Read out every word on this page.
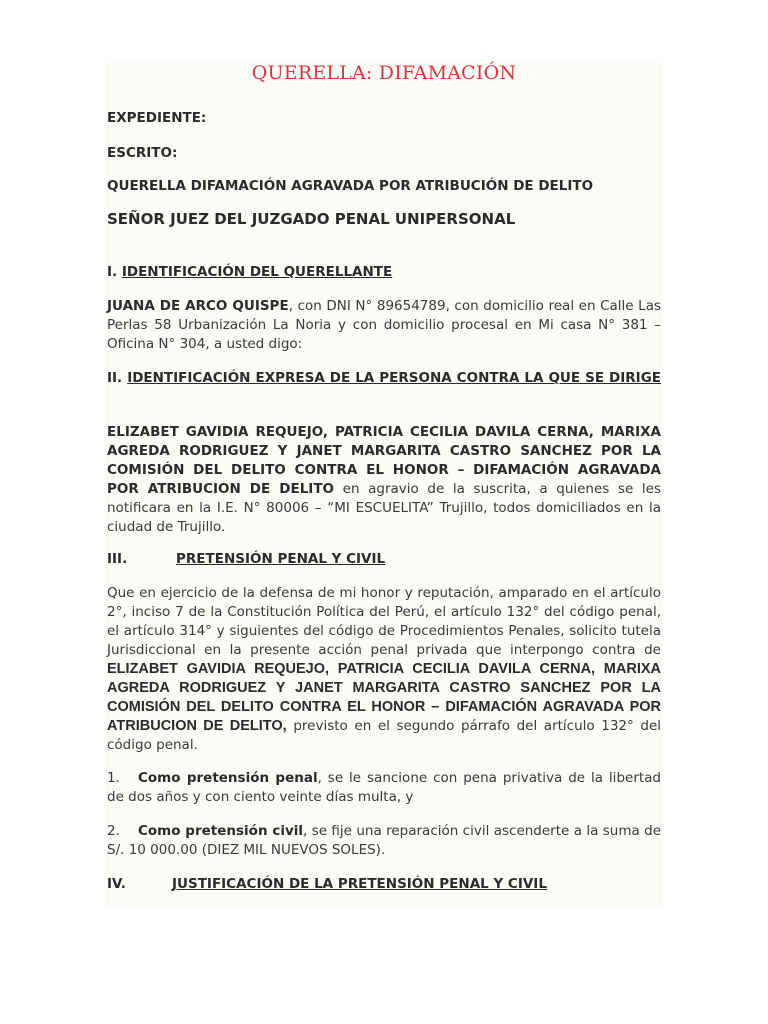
QUERELLA: DIFAMACIÓN
EXPEDIENTE:
ESCRITO:
QUERELLA DIFAMACIÓN AGRAVADA POR ATRIBUCIÓN DE DELITO
SEÑOR JUEZ DEL JUZGADO PENAL UNIPERSONAL
I. IDENTIFICACIÓN DEL QUERELLANTE
JUANA DE ARCO QUISPE, con DNI N° 89654789, con domicilio real en Calle Las Perlas 58 Urbanización La Noria y con domicilio procesal en Mi casa N° 381 – Oficina N° 304, a usted digo:
II. IDENTIFICACIÓN EXPRESA DE LA PERSONA CONTRA LA QUE SE DIRIGE
ELIZABET GAVIDIA REQUEJO, PATRICIA CECILIA DAVILA CERNA, MARIXA AGREDA RODRIGUEZ Y JANET MARGARITA CASTRO SANCHEZ POR LA COMISIÓN DEL DELITO CONTRA EL HONOR – DIFAMACIÓN AGRAVADA POR ATRIBUCION DE DELITO en agravio de la suscrita, a quienes se les notificara en la I.E. N° 80006 – “MI ESCUELITA” Trujillo, todos domiciliados en la ciudad de Trujillo.
III.	PRETENSIÓN PENAL Y CIVIL
Que en ejercicio de la defensa de mi honor y reputación, amparado en el artículo 2°, inciso 7 de la Constitución Política del Perú, el artículo 132° del código penal, el artículo 314° y siguientes del código de Procedimientos Penales, solicito tutela Jurisdiccional en la presente acción penal privada que interpongo contra de ELIZABET GAVIDIA REQUEJO, PATRICIA CECILIA DAVILA CERNA, MARIXA AGREDA RODRIGUEZ Y JANET MARGARITA CASTRO SANCHEZ POR LA COMISIÓN DEL DELITO CONTRA EL HONOR – DIFAMACIÓN AGRAVADA POR ATRIBUCION DE DELITO, previsto en el segundo párrafo del artículo 132° del código penal.
1. Como pretensión penal, se le sancione con pena privativa de la libertad de dos años y con ciento veinte días multa, y
2. Como pretensión civil, se fije una reparación civil ascenderte a la suma de S/. 10 000.00 (DIEZ MIL NUEVOS SOLES).
IV.	JUSTIFICACIÓN DE LA PRETENSIÓN PENAL Y CIVIL
